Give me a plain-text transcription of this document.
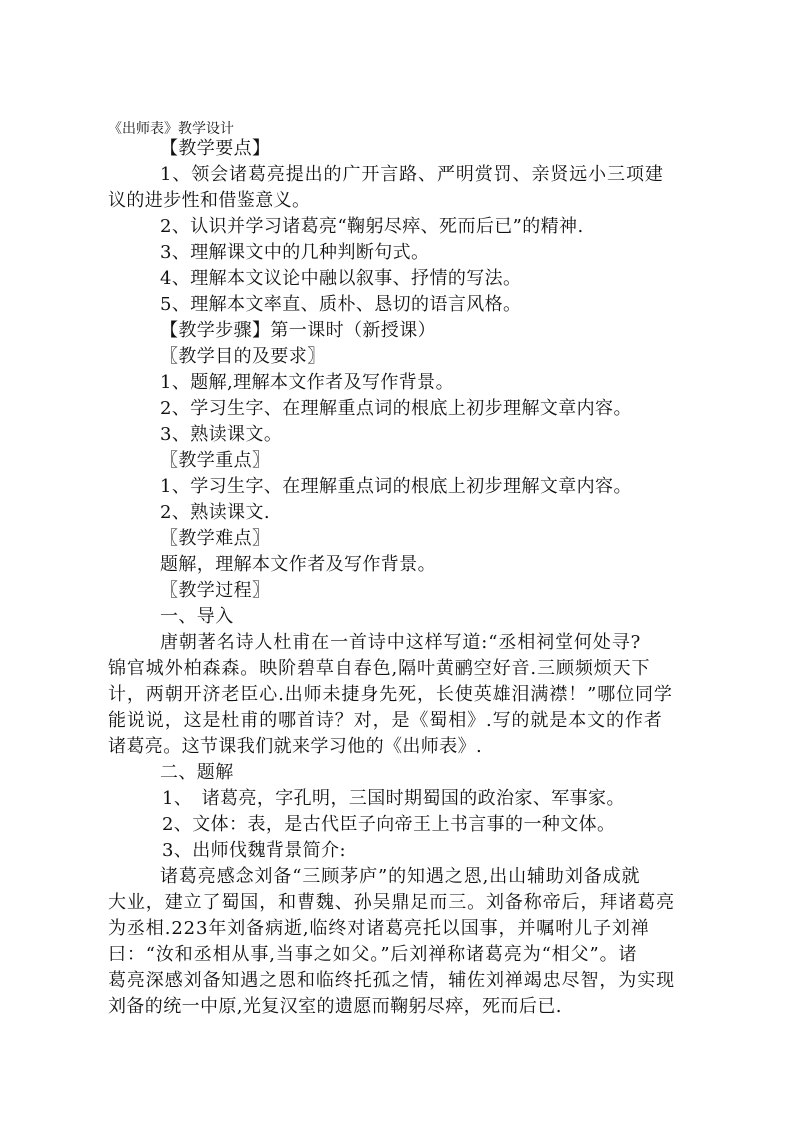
《出师表》教学设计
【教学要点】
1、领会诸葛亮提出的广开言路、严明赏罚、亲贤远小三项建
议的进步性和借鉴意义。
2、认识并学习诸葛亮“鞠躬尽瘁、死而后已”的精神.
3、理解课文中的几种判断句式。
4、理解本文议论中融以叙事、抒情的写法。
5、理解本文率直、质朴、恳切的语言风格。
【教学步骤】第一课时（新授课）
〖教学目的及要求〗
1、题解,理解本文作者及写作背景。
2、学习生字、在理解重点词的根底上初步理解文章内容。
3、熟读课文。
〖教学重点〗
1、学习生字、在理解重点词的根底上初步理解文章内容。
2、熟读课文.
〖教学难点〗
题解，理解本文作者及写作背景。
〖教学过程〗
一、导入
唐朝著名诗人杜甫在一首诗中这样写道:“丞相祠堂何处寻?
锦官城外柏森森。映阶碧草自春色,隔叶黄鹂空好音.三顾频烦天下
计，两朝开济老臣心.出师未捷身先死，长使英雄泪满襟！”哪位同学
能说说，这是杜甫的哪首诗？对，是《蜀相》.写的就是本文的作者
诸葛亮。这节课我们就来学习他的《出师表》.
二、题解
1、　诸葛亮，字孔明，三国时期蜀国的政治家、军事家。
2、文体：表，是古代臣子向帝王上书言事的一种文体。
3、出师伐魏背景简介:
诸葛亮感念刘备“三顾茅庐”的知遇之恩,出山辅助刘备成就
大业，建立了蜀国，和曹魏、孙吴鼎足而三。刘备称帝后，拜诸葛亮
为丞相.223年刘备病逝,临终对诸葛亮托以国事，并嘱咐儿子刘禅
曰：“汝和丞相从事,当事之如父。”后刘禅称诸葛亮为“相父”。诸
葛亮深感刘备知遇之恩和临终托孤之情，辅佐刘禅竭忠尽智，为实现
刘备的统一中原,光复汉室的遗愿而鞠躬尽瘁，死而后已.
